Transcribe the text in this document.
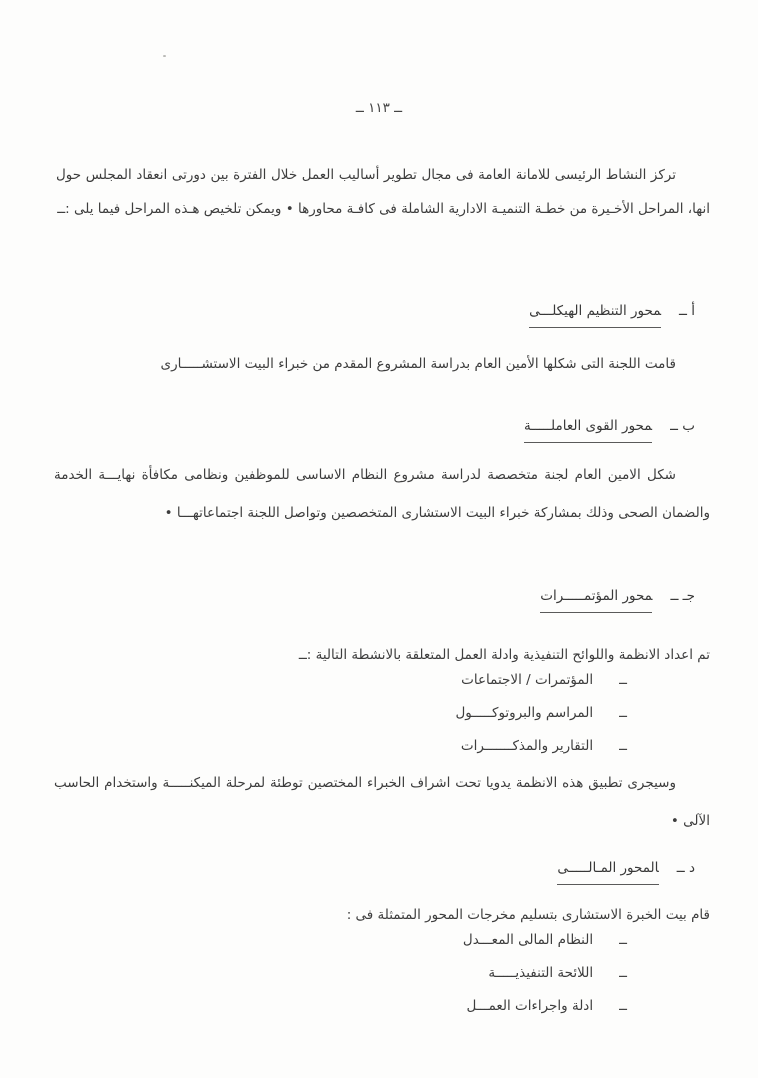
ــ ١١٣ ــ
تركز النشاط الرئيسى للامانة العامة فى مجال تطوير أساليب العمل خلال الفترة بين دورتى انعقاد المجلس حول انها، المراحل الأخـيرة من خطـة التنميـة الادارية الشاملة فى كافـة محاورها • ويمكن تلخيص هـذه المراحل فيما يلى :ــ
أ ــمحور التنظيم الهيكلـــى
قامت اللجنة التى شكلها الأمين العام بدراسة المشروع المقدم من خبراء البيت الاستشـــــارى
ب ــمحور القوى العاملـــــة
شكل الامين العام لجنة متخصصة لدراسة مشروع النظام الاساسى للموظفين ونظامى مكافأة نهايـــة الخدمة والضمان الصحى وذلك بمشاركة خبراء البيت الاستشارى المتخصصين وتواصل اللجنة اجتماعاتهـــا •
جـ ــمحور المؤتمـــــرات
تم اعداد الانظمة واللوائح التنفيذية وادلة العمل المتعلقة بالانشطة التالية :ــ
ــ
المؤتمرات / الاجتماعات
ــ
المراسم والبروتوكـــــول
ــ
التقارير والمذكـــــــرات
وسيجرى تطبيق هذه الانظمة يدويا تحت اشراف الخبراء المختصين توطئة لمرحلة الميكنـــــة واستخدام الحاسب الآلى •
د ــالمحور المـالـــــى
قام بيت الخبرة الاستشارى بتسليم مخرجات المحور المتمثلة فى :
ــ
النظام المالى المعـــدل
ــ
اللائحة التنفيذيـــــة
ــ
ادلة واجراءات العمـــل
